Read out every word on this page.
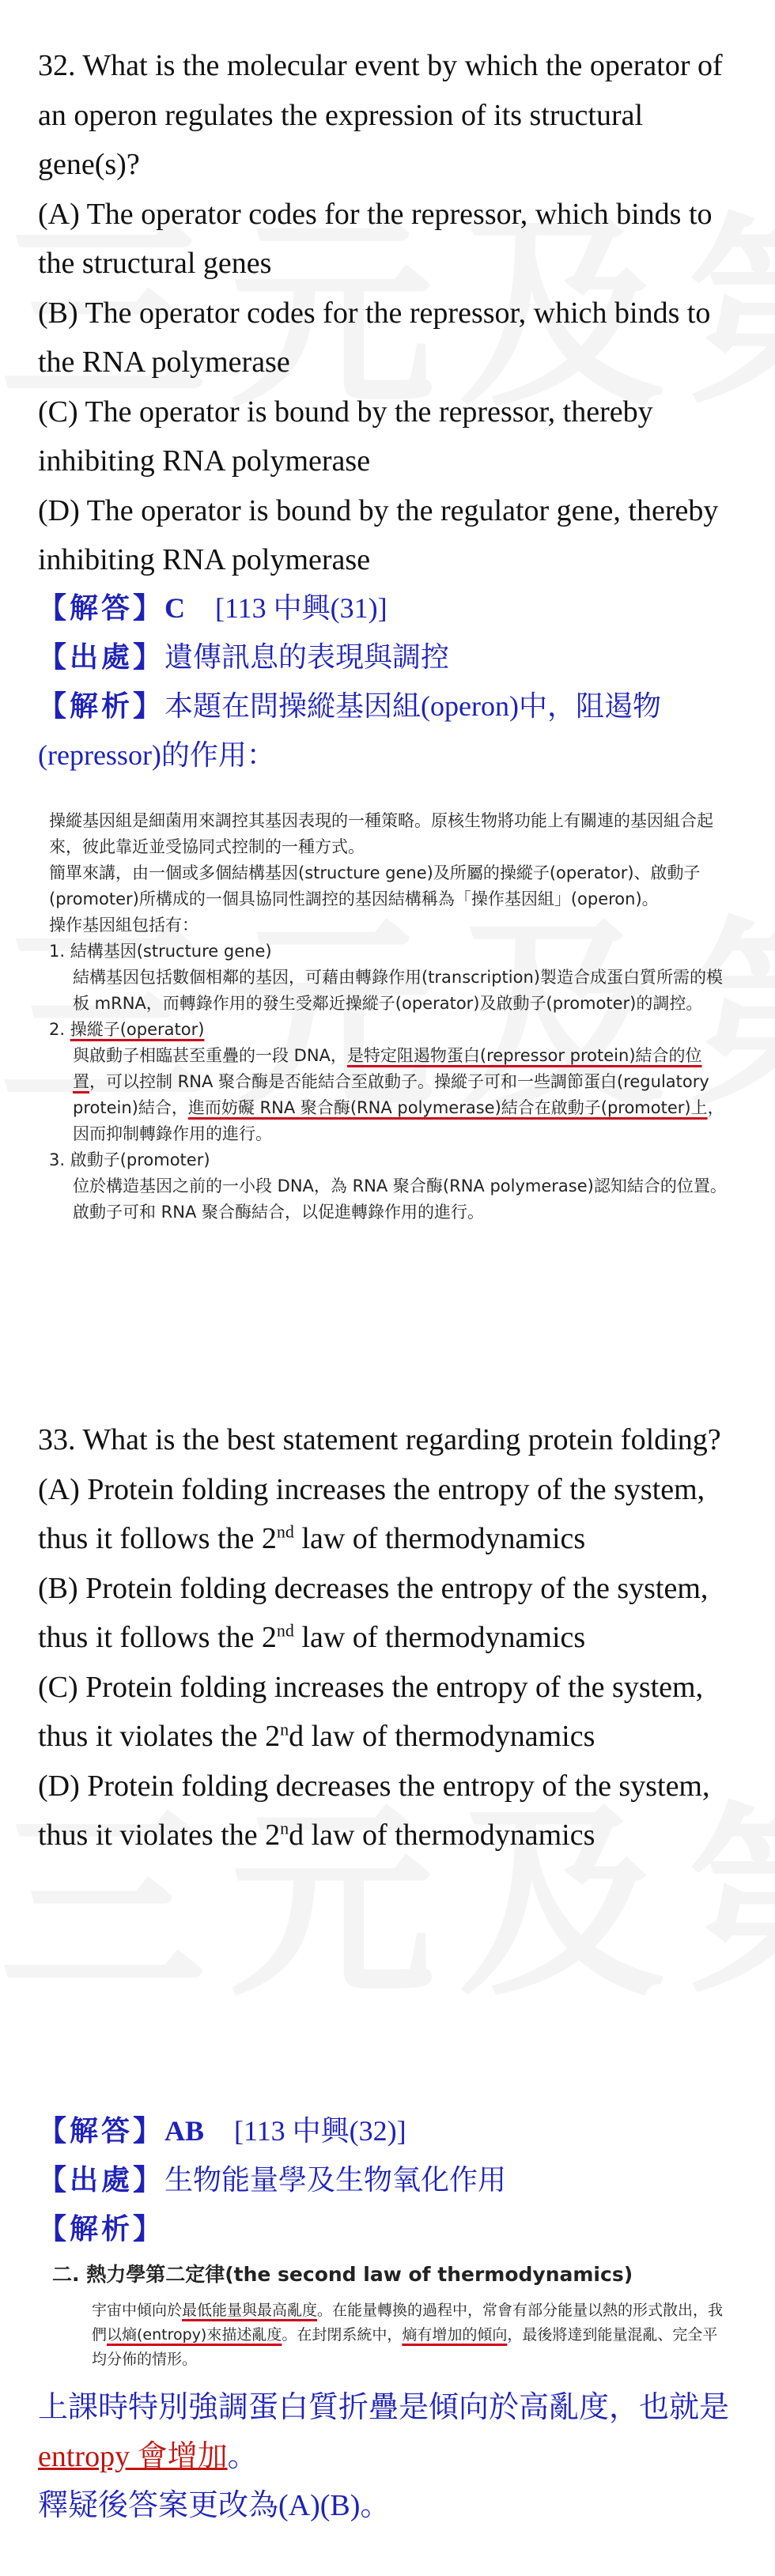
32. What is the molecular event by which the operator of an operon regulates the expression of its structural gene(s)?

(A) The operator codes for the repressor, which binds to the structural genes

(B) The operator codes for the repressor, which binds to the RNA polymerase

(C) The operator is bound by the repressor, thereby inhibiting RNA polymerase

(D) The operator is bound by the regulator gene, thereby inhibiting RNA polymerase

【解答】C [113 中興(31)]
【出處】遺傳訊息的表現與調控
【解析】本題在問操縱基因組(operon)中，阻遏物(repressor)的作用：

操縱基因組是細菌用來調控其基因表現的一種策略。原核生物將功能上有關連的基因組合起來，彼此靠近並受協同式控制的一種方式。

簡單來講，由一個或多個結構基因(structure gene)及所屬的操縱子(operator)、啟動子(promoter)所構成的一個具協同性調控的基因結構稱為「操作基因組」(operon)。

操作基因組包括有：

1. 結構基因(structure gene)

結構基因包括數個相鄰的基因，可藉由轉錄作用(transcription)製造合成蛋白質所需的模板 mRNA，而轉錄作用的發生受鄰近操縱子(operator)及啟動子(promoter)的調控。

2. 操縱子(operator)

與啟動子相臨甚至重疊的一段 DNA，是特定阻遏物蛋白(repressor protein)結合的位置，可以控制 RNA 聚合酶是否能結合至啟動子。操縱子可和一些調節蛋白(regulatory protein)結合，進而妨礙 RNA 聚合酶(RNA polymerase)結合在啟動子(promoter)上，因而抑制轉錄作用的進行。

3. 啟動子(promoter)

位於構造基因之前的一小段 DNA，為 RNA 聚合酶(RNA polymerase)認知結合的位置。啟動子可和 RNA 聚合酶結合，以促進轉錄作用的進行。

33. What is the best statement regarding protein folding?

(A) Protein folding increases the entropy of the system, thus it follows the 2nd law of thermodynamics

(B) Protein folding decreases the entropy of the system, thus it follows the 2nd law of thermodynamics

(C) Protein folding increases the entropy of the system, thus it violates the 2$^n$d law of thermodynamics

(D) Protein folding decreases the entropy of the system, thus it violates the 2$^n$d law of thermodynamics

【解答】AB [113 中興(32)]
【出處】生物能量學及生物氧化作用
【解析】
二. 熱力學第二定律(the second law of thermodynamics)
宇宙中傾向於最低能量與最高亂度。在能量轉換的過程中，常會有部分能量以熱的形式散出，我們以熵(entropy)來描述亂度。在封閉系統中，熵有增加的傾向，最後將達到能量混亂、完全平均分佈的情形。

上課時特別強調蛋白質折疊是傾向於高亂度，也就是entropy 會增加。

釋疑後答案更改為(A)(B)。
